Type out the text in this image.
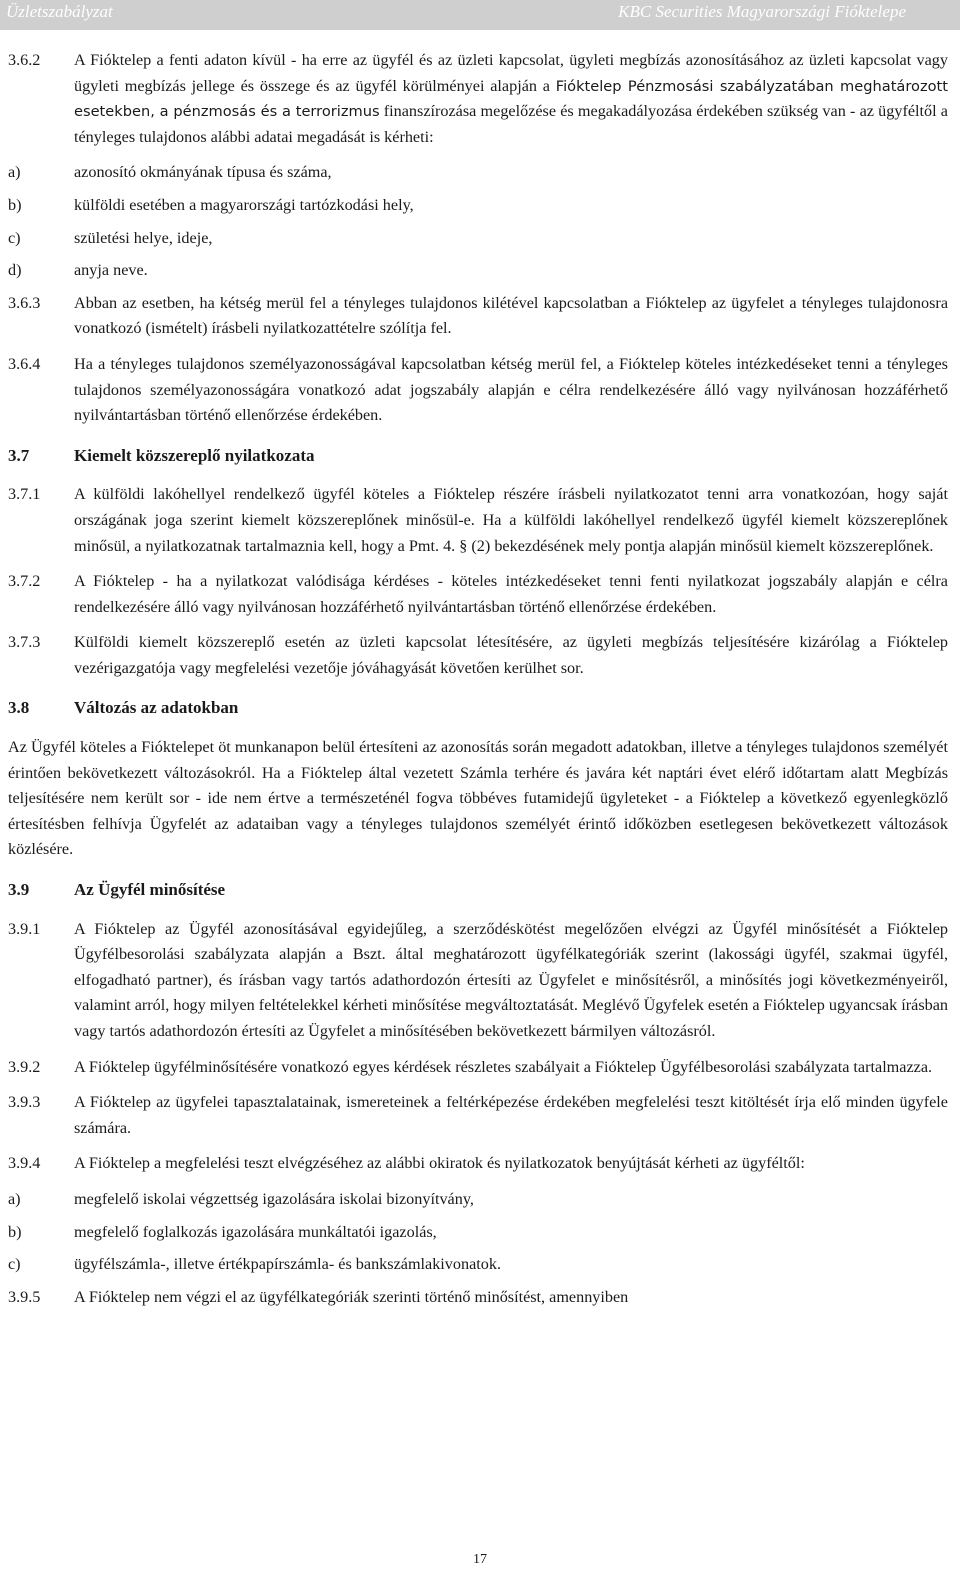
Üzletszabályzat	KBC Securities Magyarországi Fióktelepe
3.6.2	A Fióktelep a fenti adaton kívül - ha erre az ügyfél és az üzleti kapcsolat, ügyleti megbízás azonosításához az üzleti kapcsolat vagy ügyleti megbízás jellege és összege és az ügyfél körülményei alapján a Fióktelep Pénzmosási szabályzatában meghatározott esetekben, a pénzmosás és a terrorizmus finanszírozása megelőzése és megakadályozása érdekében szükség van - az ügyféltől a tényleges tulajdonos alábbi adatai megadását is kérheti:
a)	azonosító okmányának típusa és száma,
b)	külföldi esetében a magyarországi tartózkodási hely,
c)	születési helye, ideje,
d)	anyja neve.
3.6.3	Abban az esetben, ha kétség merül fel a tényleges tulajdonos kilétével kapcsolatban a Fióktelep az ügyfelet a tényleges tulajdonosra vonatkozó (ismételt) írásbeli nyilatkozattételre szólítja fel.
3.6.4	Ha a tényleges tulajdonos személyazonosságával kapcsolatban kétség merül fel, a Fióktelep köteles intézkedéseket tenni a tényleges tulajdonos személyazonosságára vonatkozó adat jogszabály alapján e célra rendelkezésére álló vagy nyilvánosan hozzáférhető nyilvántartásban történő ellenőrzése érdekében.
3.7	Kiemelt közszereplő nyilatkozata
3.7.1	A külföldi lakóhellyel rendelkező ügyfél köteles a Fióktelep részére írásbeli nyilatkozatot tenni arra vonatkozóan, hogy saját országának joga szerint kiemelt közszereplőnek minősül-e. Ha a külföldi lakóhellyel rendelkező ügyfél kiemelt közszereplőnek minősül, a nyilatkozatnak tartalmaznia kell, hogy a Pmt. 4. § (2) bekezdésének mely pontja alapján minősül kiemelt közszereplőnek.
3.7.2	A Fióktelep - ha a nyilatkozat valódisága kérdéses - köteles intézkedéseket tenni fenti nyilatkozat jogszabály alapján e célra rendelkezésére álló vagy nyilvánosan hozzáférhető nyilvántartásban történő ellenőrzése érdekében.
3.7.3	Külföldi kiemelt közszereplő esetén az üzleti kapcsolat létesítésére, az ügyleti megbízás teljesítésére kizárólag a Fióktelep vezérigazgatója vagy megfelelési vezetője jóváhagyását követően kerülhet sor.
3.8	Változás az adatokban

Az Ügyfél köteles a Fióktelepet öt munkanapon belül értesíteni az azonosítás során megadott adatokban, illetve a tényleges tulajdonos személyét érintően bekövetkezett változásokról. Ha a Fióktelep által vezetett Számla terhére és javára két naptári évet elérő időtartam alatt Megbízás teljesítésére nem került sor - ide nem értve a természeténél fogva többéves futamidejű ügyleteket - a Fióktelep a következő egyenlegközlő értesítésben felhívja Ügyfelét az adataiban vagy a tényleges tulajdonos személyét érintő időközben esetlegesen bekövetkezett változások közlésére.

3.9	Az Ügyfél minősítése
3.9.1	A Fióktelep az Ügyfél azonosításával egyidejűleg, a szerződéskötést megelőzően elvégzi az Ügyfél minősítését a Fióktelep Ügyfélbesorolási szabályzata alapján a Bszt. által meghatározott ügyfélkategóriák szerint (lakossági ügyfél, szakmai ügyfél, elfogadható partner), és írásban vagy tartós adathordozón értesíti az Ügyfelet e minősítésről, a minősítés jogi következményeiről, valamint arról, hogy milyen feltételekkel kérheti minősítése megváltoztatását. Meglévő Ügyfelek esetén a Fióktelep ugyancsak írásban vagy tartós adathordozón értesíti az Ügyfelet a minősítésében bekövetkezett bármilyen változásról.
3.9.2	A Fióktelep ügyfélminősítésére vonatkozó egyes kérdések részletes szabályait a Fióktelep Ügyfélbesorolási szabályzata tartalmazza.
3.9.3	A Fióktelep az ügyfelei tapasztalatainak, ismereteinek a feltérképezése érdekében megfelelési teszt kitöltését írja elő minden ügyfele számára.
3.9.4	A Fióktelep a megfelelési teszt elvégzéséhez az alábbi okiratok és nyilatkozatok benyújtását kérheti az ügyféltől:
a)	megfelelő iskolai végzettség igazolására iskolai bizonyítvány,
b)	megfelelő foglalkozás igazolására munkáltatói igazolás,
c)	ügyfélszámla-, illetve értékpapírszámla- és bankszámlakivonatok.
3.9.5	A Fióktelep nem végzi el az ügyfélkategóriák szerinti történő minősítést, amennyiben
17
